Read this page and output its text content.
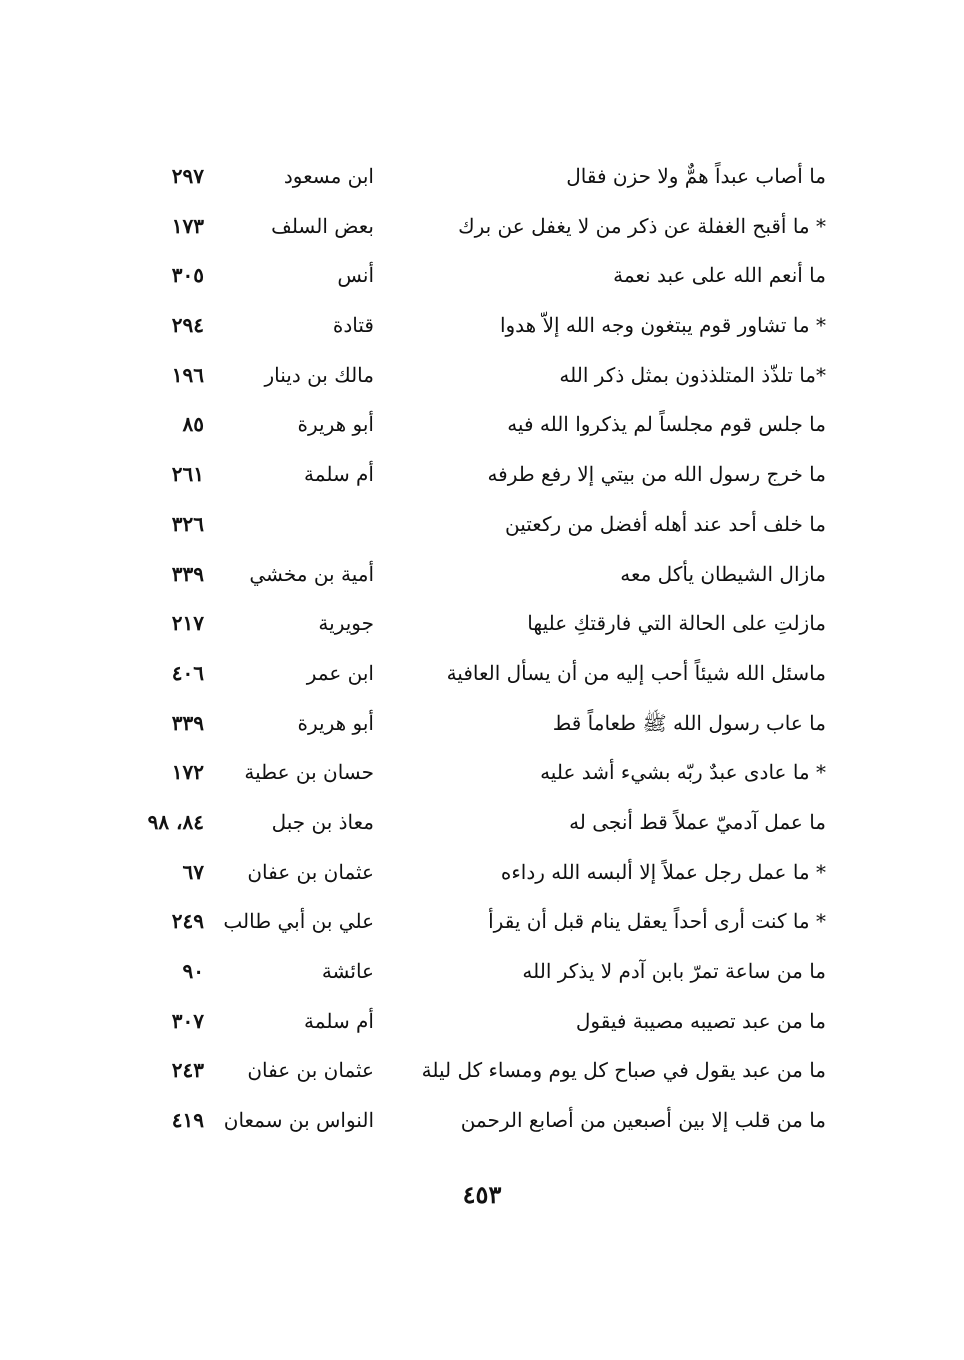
ما أصاب عبداً همٌّ ولا حزن فقال
ابن مسعود
٢٩٧
* ما أقبح الغفلة عن ذكر من لا يغفل عن برك
بعض السلف
١٧٣
ما أنعم الله على عبد نعمة
أنس
٣٠٥
* ما تشاور قوم يبتغون وجه الله إلاّ هدوا
قتادة
٢٩٤
*ما تلذّذ المتلذذون بمثل ذكر الله
مالك بن دينار
١٩٦
ما جلس قوم مجلساً لم يذكروا الله فيه
أبو هريرة
٨٥
ما خرج رسول الله من بيتي إلا رفع طرفه
أم سلمة
٢٦١
ما خلف أحد عند أهله أفضل من ركعتين
٣٢٦
مازال الشيطان يأكل معه
أمية بن مخشي
٣٣٩
مازلتِ على الحالة التي فارقتكِ عليها
جويرية
٢١٧
ماسئل الله شيئاً أحب إليه من أن يسأل العافية
ابن عمر
٤٠٦
ما عاب رسول الله ﷺ طعاماً قط
أبو هريرة
٣٣٩
* ما عادى عبدٌ ربّه بشيء أشد عليه
حسان بن عطية
١٧٢
ما عمل آدميّ عملاً قط أنجى له
معاذ بن جبل
٨٤، ٩٨
* ما عمل رجل عملاً إلا ألبسه الله رداءه
عثمان بن عفان
٦٧
* ما كنت أرى أحداً يعقل ينام قبل أن يقرأ
علي بن أبي طالب
٢٤٩
ما من ساعة تمرّ بابن آدم لا يذكر الله
عائشة
٩٠
ما من عبد تصيبه مصيبة فيقول
أم سلمة
٣٠٧
ما من عبد يقول في صباح كل يوم ومساء كل ليلة
عثمان بن عفان
٢٤٣
ما من قلب إلا بين أصبعين من أصابع الرحمن
النواس بن سمعان
٤١٩
٤٥٣
